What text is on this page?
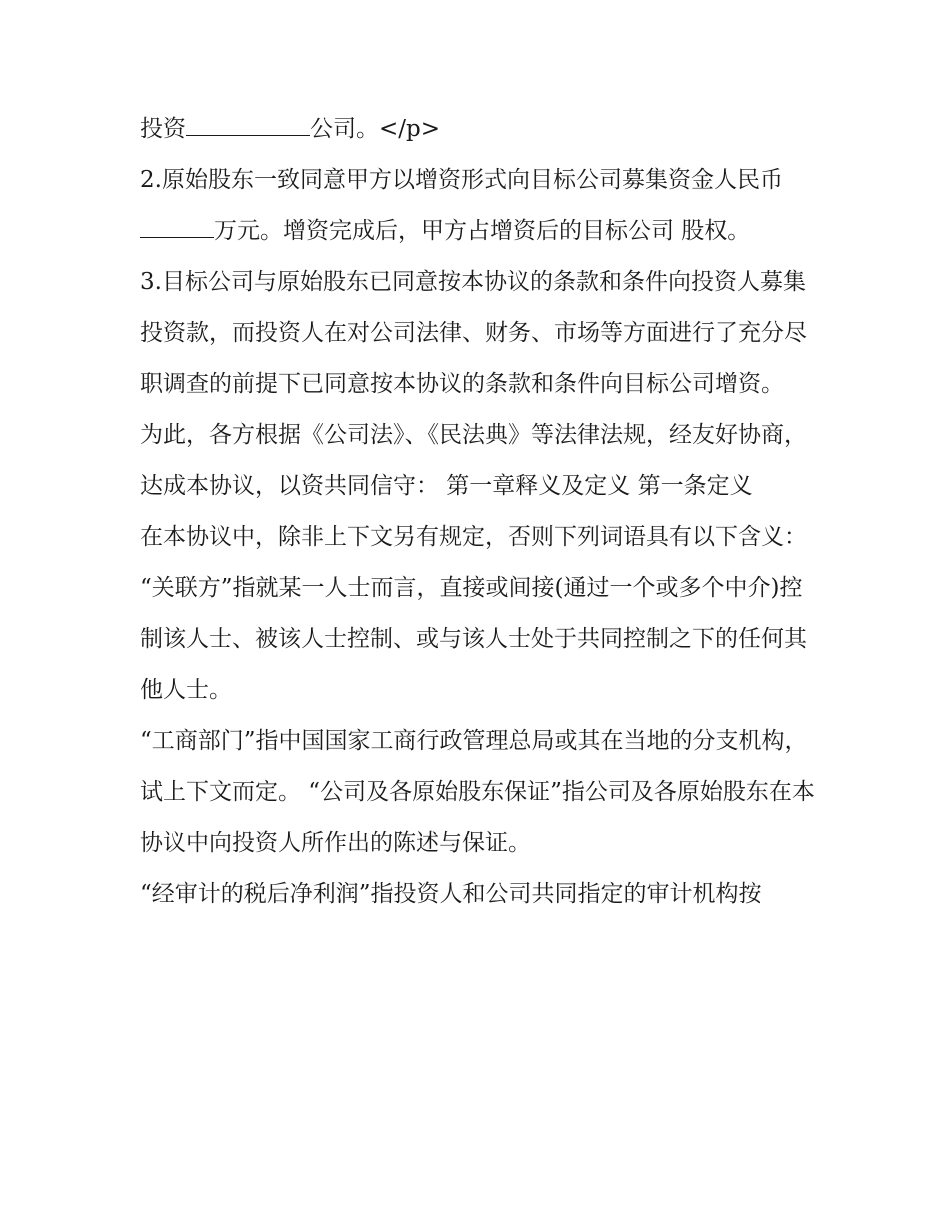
投资	公司。</p>

2.原始股东一致同意甲方以增资形式向目标公司募集资金人民币万元。增资完成后，甲方占增资后的目标公司 股权。

3.目标公司与原始股东已同意按本协议的条款和条件向投资人募集投资款，而投资人在对公司法律、财务、市场等方面进行了充分尽职调查的前提下已同意按本协议的条款和条件向目标公司增资。

为此，各方根据《公司法》、《民法典》等法律法规，经友好协商，达成本协议，以资共同信守： 第一章释义及定义 第一条定义

在本协议中，除非上下文另有规定，否则下列词语具有以下含义：

“关联方”指就某一人士而言，直接或间接(通过一个或多个中介)控制该人士、被该人士控制、或与该人士处于共同控制之下的任何其他人士。

“工商部门”指中国国家工商行政管理总局或其在当地的分支机构，试上下文而定。 “公司及各原始股东保证”指公司及各原始股东在本协议中向投资人所作出的陈述与保证。

“经审计的税后净利润”指投资人和公司共同指定的审计机构按
